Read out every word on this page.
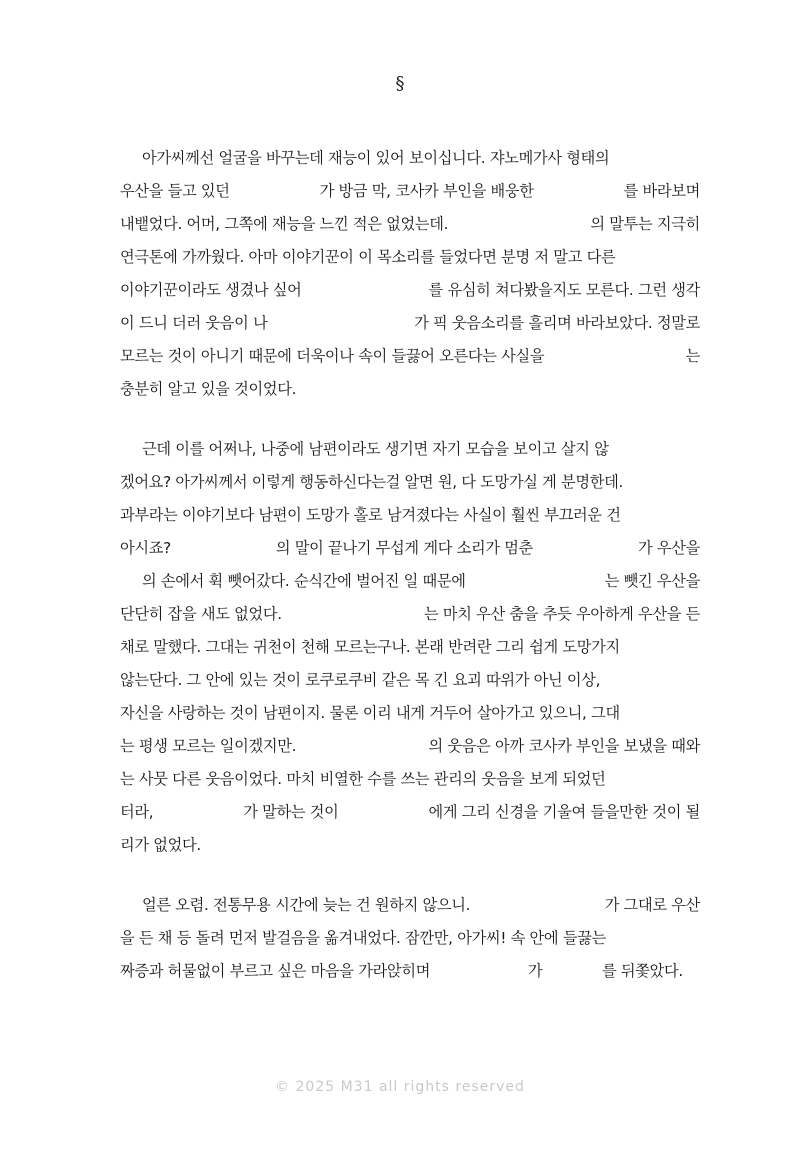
§
아가씨께선 얼굴을 바꾸는데 재능이 있어 보이십니다. 쟈노메가사 형태의
우산을 들고 있던	가 방금 막, 코사카 부인을 배웅한	를 바라보며
내뱉었다. 어머, 그쪽에 재능을 느낀 적은 없었는데.	의 말투는 지극히
연극톤에 가까웠다. 아마 이야기꾼이 이 목소리를 들었다면 분명 저 말고 다른
이야기꾼이라도 생겼나 싶어	를 유심히 쳐다봤을지도 모른다. 그런 생각
이 드니 더러 웃음이 나	가 픽 웃음소리를 흘리며 바라보았다. 정말로
모르는 것이 아니기 때문에 더욱이나 속이 들끓어 오른다는 사실을	는
충분히 알고 있을 것이었다.
근데 이를 어쩌나, 나중에 남편이라도 생기면 자기 모습을 보이고 살지 않
겠어요? 아가씨께서 이렇게 행동하신다는걸 알면 원, 다 도망가실 게 분명한데.
과부라는 이야기보다 남편이 도망가 홀로 남겨졌다는 사실이 훨씬 부끄러운 건
아시죠?	의 말이 끝나기 무섭게 게다 소리가 멈춘	가 우산을
의 손에서 휙 뺏어갔다. 순식간에 벌어진 일 때문에	는 뺏긴 우산을
단단히 잡을 새도 없었다.	는 마치 우산 춤을 추듯 우아하게 우산을 든
채로 말했다. 그대는 귀천이 천해 모르는구나. 본래 반려란 그리 쉽게 도망가지
않는단다. 그 안에 있는 것이 로쿠로쿠비 같은 목 긴 요괴 따위가 아닌 이상,
자신을 사랑하는 것이 남편이지. 물론 이리 내게 거두어 살아가고 있으니, 그대
는 평생 모르는 일이겠지만.	의 웃음은 아까 코사카 부인을 보냈을 때와
는 사뭇 다른 웃음이었다. 마치 비열한 수를 쓰는 관리의 웃음을 보게 되었던
터라,	가 말하는 것이	에게 그리 신경을 기울여 들을만한 것이 될
리가 없었다.
얼른 오렴. 전통무용 시간에 늦는 건 원하지 않으니.	가 그대로 우산
을 든 채 등 돌려 먼저 발걸음을 옮겨내었다. 잠깐만, 아가씨! 속 안에 들끓는
짜증과 허물없이 부르고 싶은 마음을 가라앉히며	가	를 뒤쫓았다.
© 2025 M31 all rights reserved
